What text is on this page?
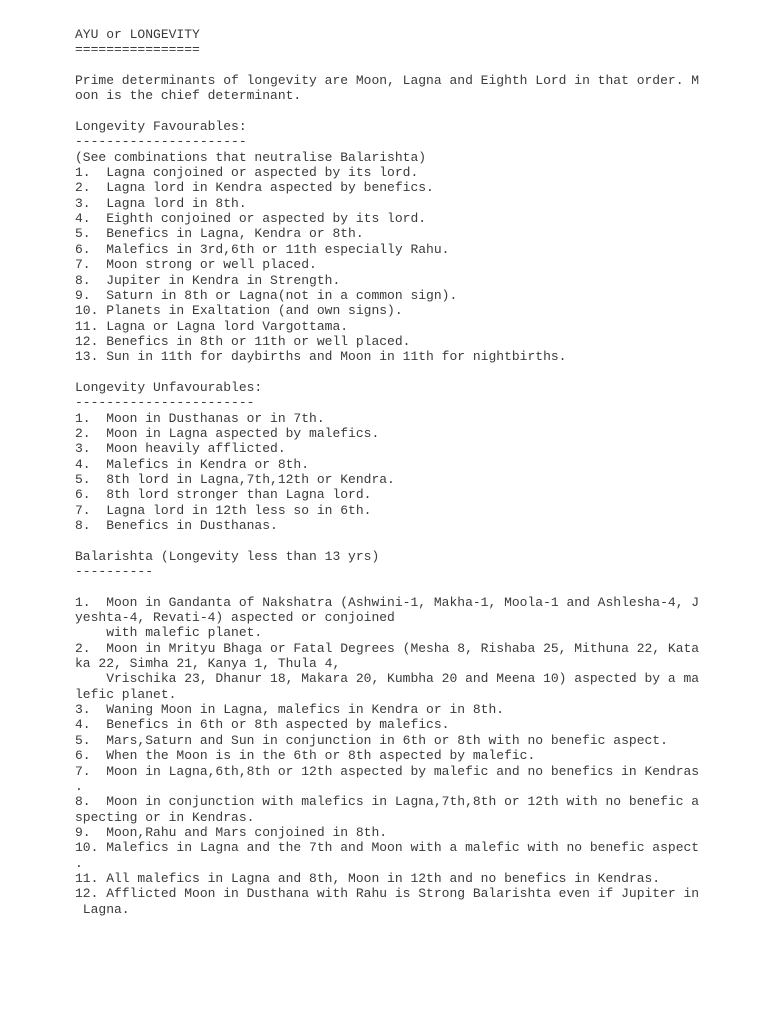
AYU or LONGEVITY
================
Prime determinants of longevity are Moon, Lagna and Eighth Lord in that order. M
oon is the chief determinant.
Longevity Favourables:
----------------------
(See combinations that neutralise Balarishta)
1.  Lagna conjoined or aspected by its lord.
2.  Lagna lord in Kendra aspected by benefics.
3.  Lagna lord in 8th.
4.  Eighth conjoined or aspected by its lord.
5.  Benefics in Lagna, Kendra or 8th.
6.  Malefics in 3rd,6th or 11th especially Rahu.
7.  Moon strong or well placed.
8.  Jupiter in Kendra in Strength.
9.  Saturn in 8th or Lagna(not in a common sign).
10. Planets in Exaltation (and own signs).
11. Lagna or Lagna lord Vargottama.
12. Benefics in 8th or 11th or well placed.
13. Sun in 11th for daybirths and Moon in 11th for nightbirths.
Longevity Unfavourables:
-----------------------
1.  Moon in Dusthanas or in 7th.
2.  Moon in Lagna aspected by malefics.
3.  Moon heavily afflicted.
4.  Malefics in Kendra or 8th.
5.  8th lord in Lagna,7th,12th or Kendra.
6.  8th lord stronger than Lagna lord.
7.  Lagna lord in 12th less so in 6th.
8.  Benefics in Dusthanas.
Balarishta (Longevity less than 13 yrs)
----------
1.  Moon in Gandanta of Nakshatra (Ashwini-1, Makha-1, Moola-1 and Ashlesha-4, J
yeshta-4, Revati-4) aspected or conjoined
with malefic planet.
2.  Moon in Mrityu Bhaga or Fatal Degrees (Mesha 8, Rishaba 25, Mithuna 22, Kata
ka 22, Simha 21, Kanya 1, Thula 4,
Vrischika 23, Dhanur 18, Makara 20, Kumbha 20 and Meena 10) aspected by a ma
lefic planet.
3.  Waning Moon in Lagna, malefics in Kendra or in 8th.
4.  Benefics in 6th or 8th aspected by malefics.
5.  Mars,Saturn and Sun in conjunction in 6th or 8th with no benefic aspect.
6.  When the Moon is in the 6th or 8th aspected by malefic.
7.  Moon in Lagna,6th,8th or 12th aspected by malefic and no benefics in Kendras
.
8.  Moon in conjunction with malefics in Lagna,7th,8th or 12th with no benefic a
specting or in Kendras.
9.  Moon,Rahu and Mars conjoined in 8th.
10. Malefics in Lagna and the 7th and Moon with a malefic with no benefic aspect
.
11. All malefics in Lagna and 8th, Moon in 12th and no benefics in Kendras.
12. Afflicted Moon in Dusthana with Rahu is Strong Balarishta even if Jupiter in
Lagna.
